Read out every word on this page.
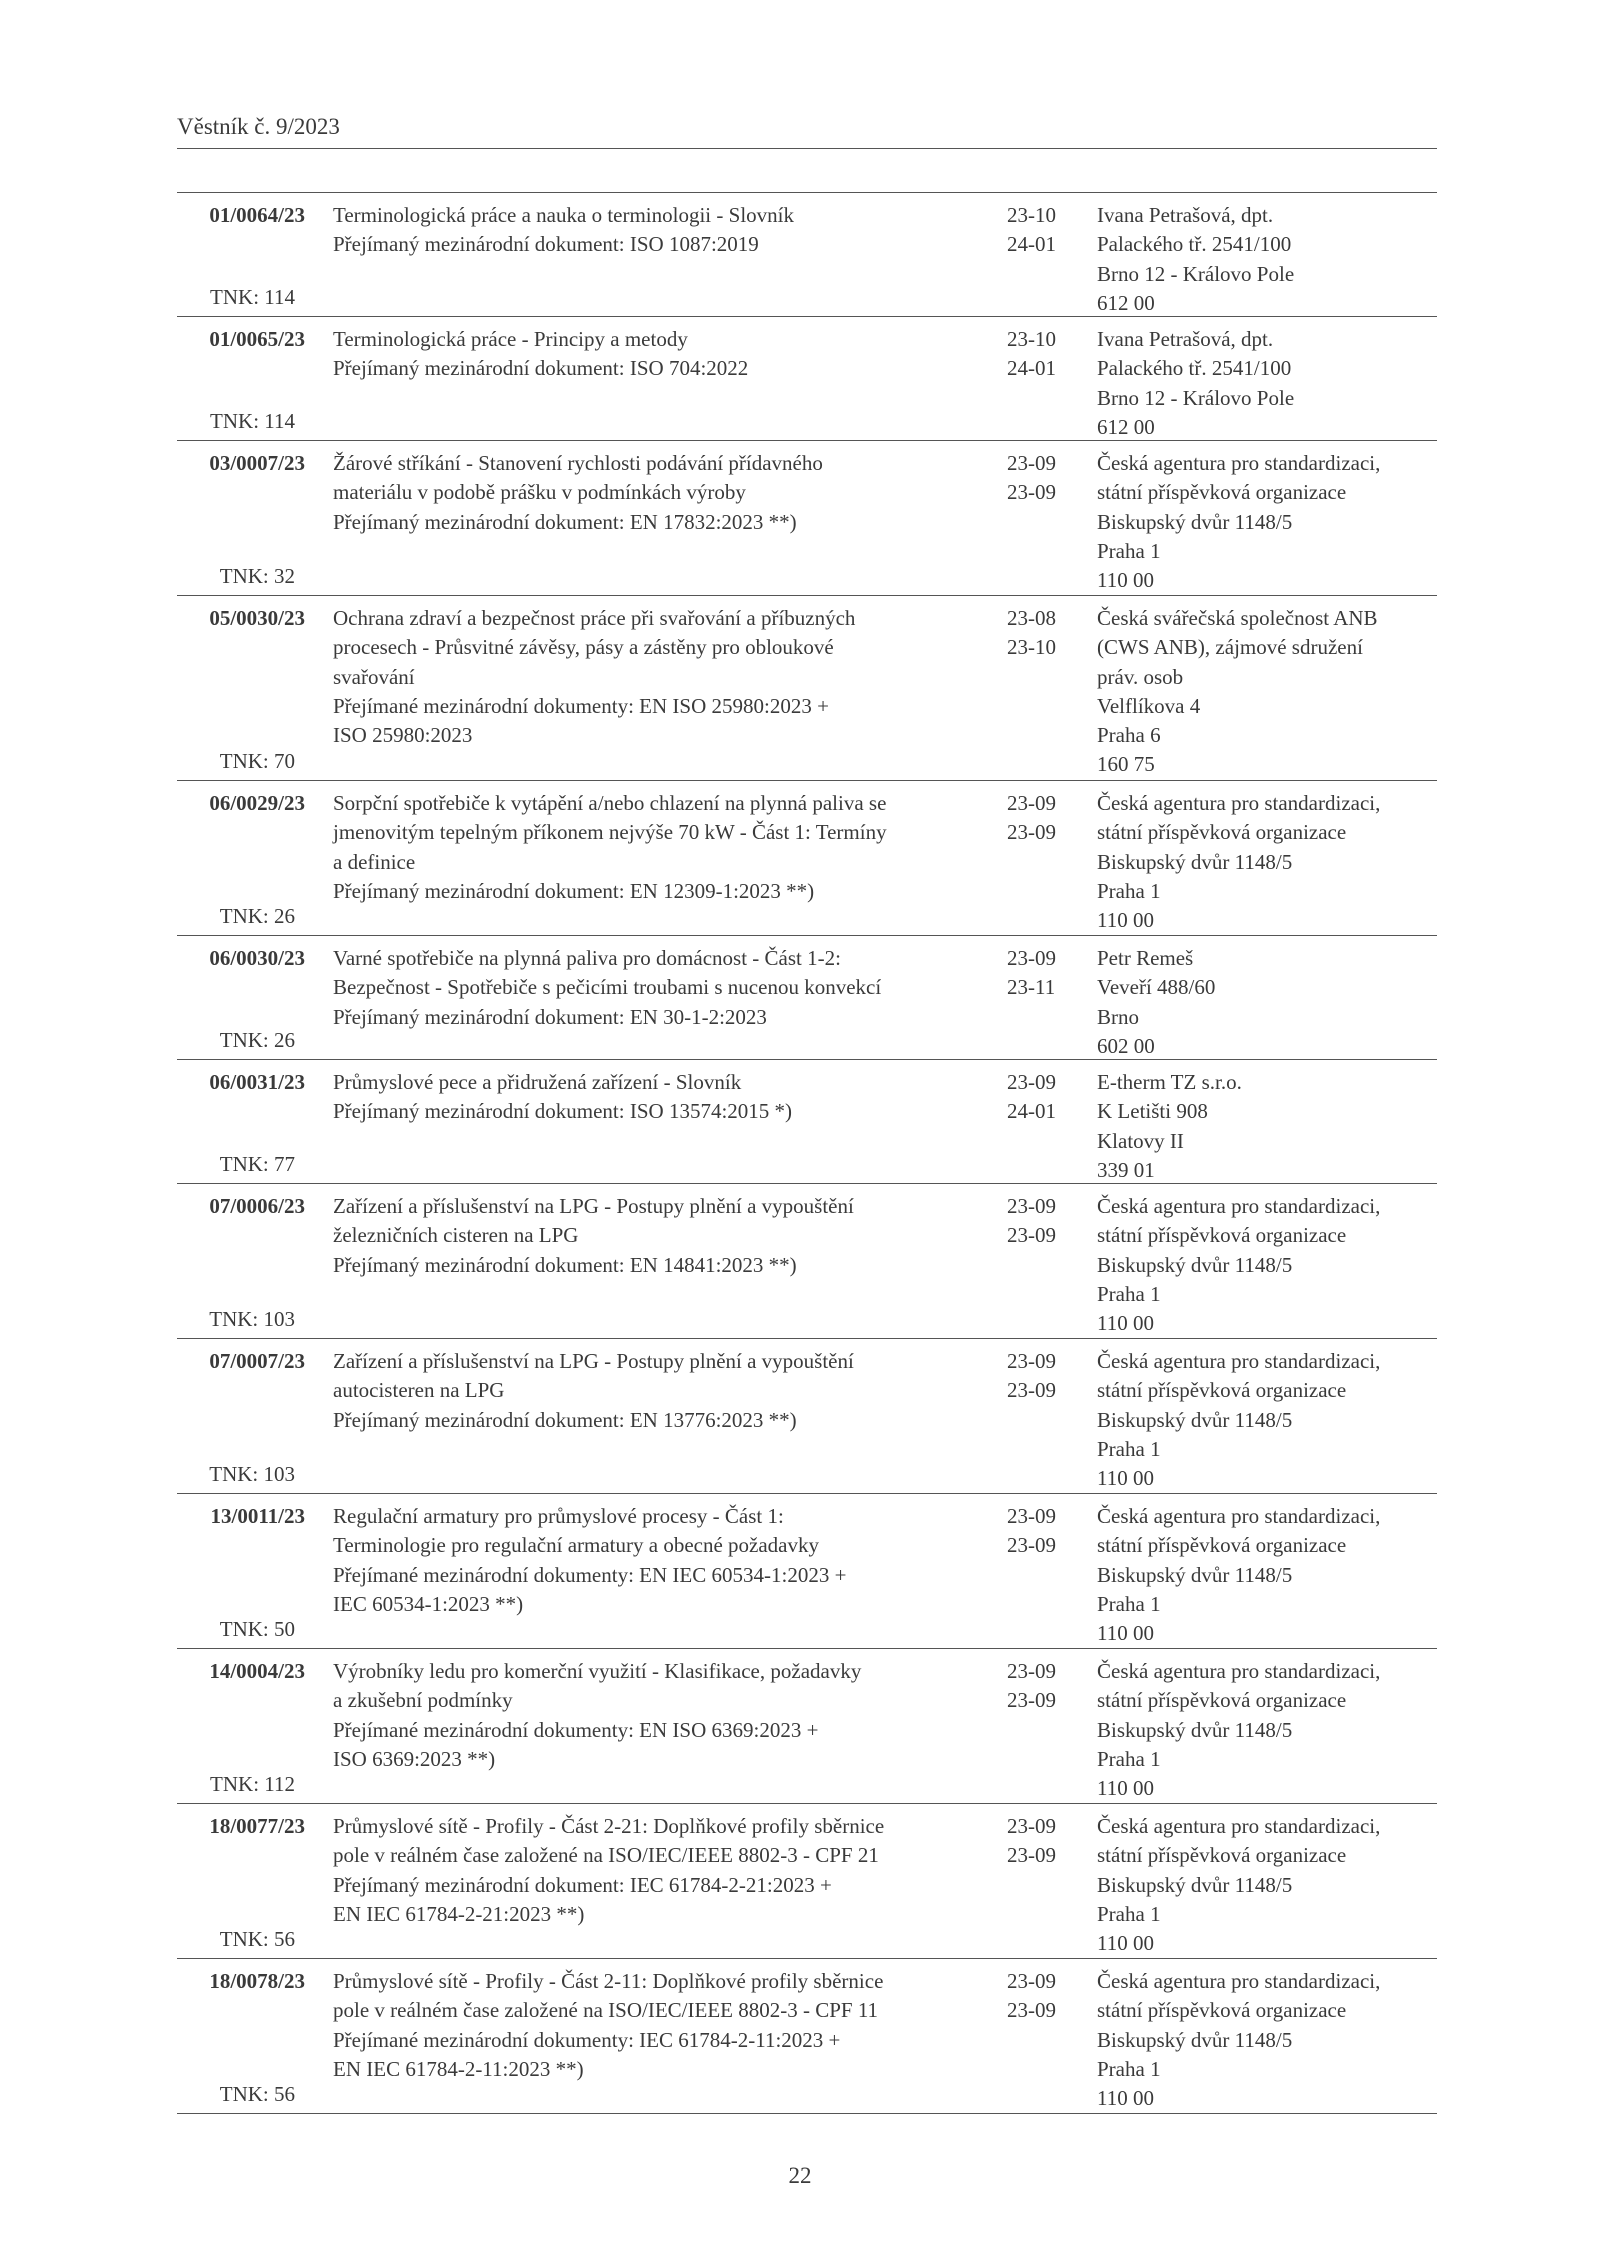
Věstník č. 9/2023
01/0064/23
TNK: 114
Terminologická práce a nauka o terminologii - Slovník
Přejímaný mezinárodní dokument: ISO 1087:2019
23-10
24-01
Ivana Petrašová, dpt.
Palackého tř. 2541/100
Brno 12 - Královo Pole
612 00
01/0065/23
TNK: 114
Terminologická práce - Principy a metody
Přejímaný mezinárodní dokument: ISO 704:2022
23-10
24-01
Ivana Petrašová, dpt.
Palackého tř. 2541/100
Brno 12 - Královo Pole
612 00
03/0007/23
TNK: 32
Žárové stříkání - Stanovení rychlosti podávání přídavného
materiálu v podobě prášku v podmínkách výroby
Přejímaný mezinárodní dokument: EN 17832:2023 **)
23-09
23-09
Česká agentura pro standardizaci,
státní příspěvková organizace
Biskupský dvůr 1148/5
Praha 1
110 00
05/0030/23
TNK: 70
Ochrana zdraví a bezpečnost práce při svařování a příbuzných
procesech - Průsvitné závěsy, pásy a zástěny pro obloukové
svařování
Přejímané mezinárodní dokumenty: EN ISO 25980:2023 +
ISO 25980:2023
23-08
23-10
Česká svářečská společnost ANB
(CWS ANB), zájmové sdružení
práv. osob
Velflíkova 4
Praha 6
160 75
06/0029/23
TNK: 26
Sorpční spotřebiče k vytápění a/nebo chlazení na plynná paliva se
jmenovitým tepelným příkonem nejvýše 70 kW - Část 1: Termíny
a definice
Přejímaný mezinárodní dokument: EN 12309-1:2023 **)
23-09
23-09
Česká agentura pro standardizaci,
státní příspěvková organizace
Biskupský dvůr 1148/5
Praha 1
110 00
06/0030/23
TNK: 26
Varné spotřebiče na plynná paliva pro domácnost - Část 1-2:
Bezpečnost - Spotřebiče s pečicími troubami s nucenou konvekcí
Přejímaný mezinárodní dokument: EN 30-1-2:2023
23-09
23-11
Petr Remeš
Veveří 488/60
Brno
602 00
06/0031/23
TNK: 77
Průmyslové pece a přidružená zařízení - Slovník
Přejímaný mezinárodní dokument: ISO 13574:2015 *)
23-09
24-01
E-therm TZ s.r.o.
K Letišti 908
Klatovy II
339 01
07/0006/23
TNK: 103
Zařízení a příslušenství na LPG - Postupy plnění a vypouštění
železničních cisteren na LPG
Přejímaný mezinárodní dokument: EN 14841:2023 **)
23-09
23-09
Česká agentura pro standardizaci,
státní příspěvková organizace
Biskupský dvůr 1148/5
Praha 1
110 00
07/0007/23
TNK: 103
Zařízení a příslušenství na LPG - Postupy plnění a vypouštění
autocisteren na LPG
Přejímaný mezinárodní dokument: EN 13776:2023 **)
23-09
23-09
Česká agentura pro standardizaci,
státní příspěvková organizace
Biskupský dvůr 1148/5
Praha 1
110 00
13/0011/23
TNK: 50
Regulační armatury pro průmyslové procesy - Část 1:
Terminologie pro regulační armatury a obecné požadavky
Přejímané mezinárodní dokumenty: EN IEC 60534-1:2023 +
IEC 60534-1:2023 **)
23-09
23-09
Česká agentura pro standardizaci,
státní příspěvková organizace
Biskupský dvůr 1148/5
Praha 1
110 00
14/0004/23
TNK: 112
Výrobníky ledu pro komerční využití - Klasifikace, požadavky
a zkušební podmínky
Přejímané mezinárodní dokumenty: EN ISO 6369:2023 +
ISO 6369:2023 **)
23-09
23-09
Česká agentura pro standardizaci,
státní příspěvková organizace
Biskupský dvůr 1148/5
Praha 1
110 00
18/0077/23
TNK: 56
Průmyslové sítě - Profily - Část 2-21: Doplňkové profily sběrnice
pole v reálném čase založené na ISO/IEC/IEEE 8802-3 - CPF 21
Přejímaný mezinárodní dokument: IEC 61784-2-21:2023 +
EN IEC 61784-2-21:2023 **)
23-09
23-09
Česká agentura pro standardizaci,
státní příspěvková organizace
Biskupský dvůr 1148/5
Praha 1
110 00
18/0078/23
TNK: 56
Průmyslové sítě - Profily - Část 2-11: Doplňkové profily sběrnice
pole v reálném čase založené na ISO/IEC/IEEE 8802-3 - CPF 11
Přejímané mezinárodní dokumenty: IEC 61784-2-11:2023 +
EN IEC 61784-2-11:2023 **)
23-09
23-09
Česká agentura pro standardizaci,
státní příspěvková organizace
Biskupský dvůr 1148/5
Praha 1
110 00
22
